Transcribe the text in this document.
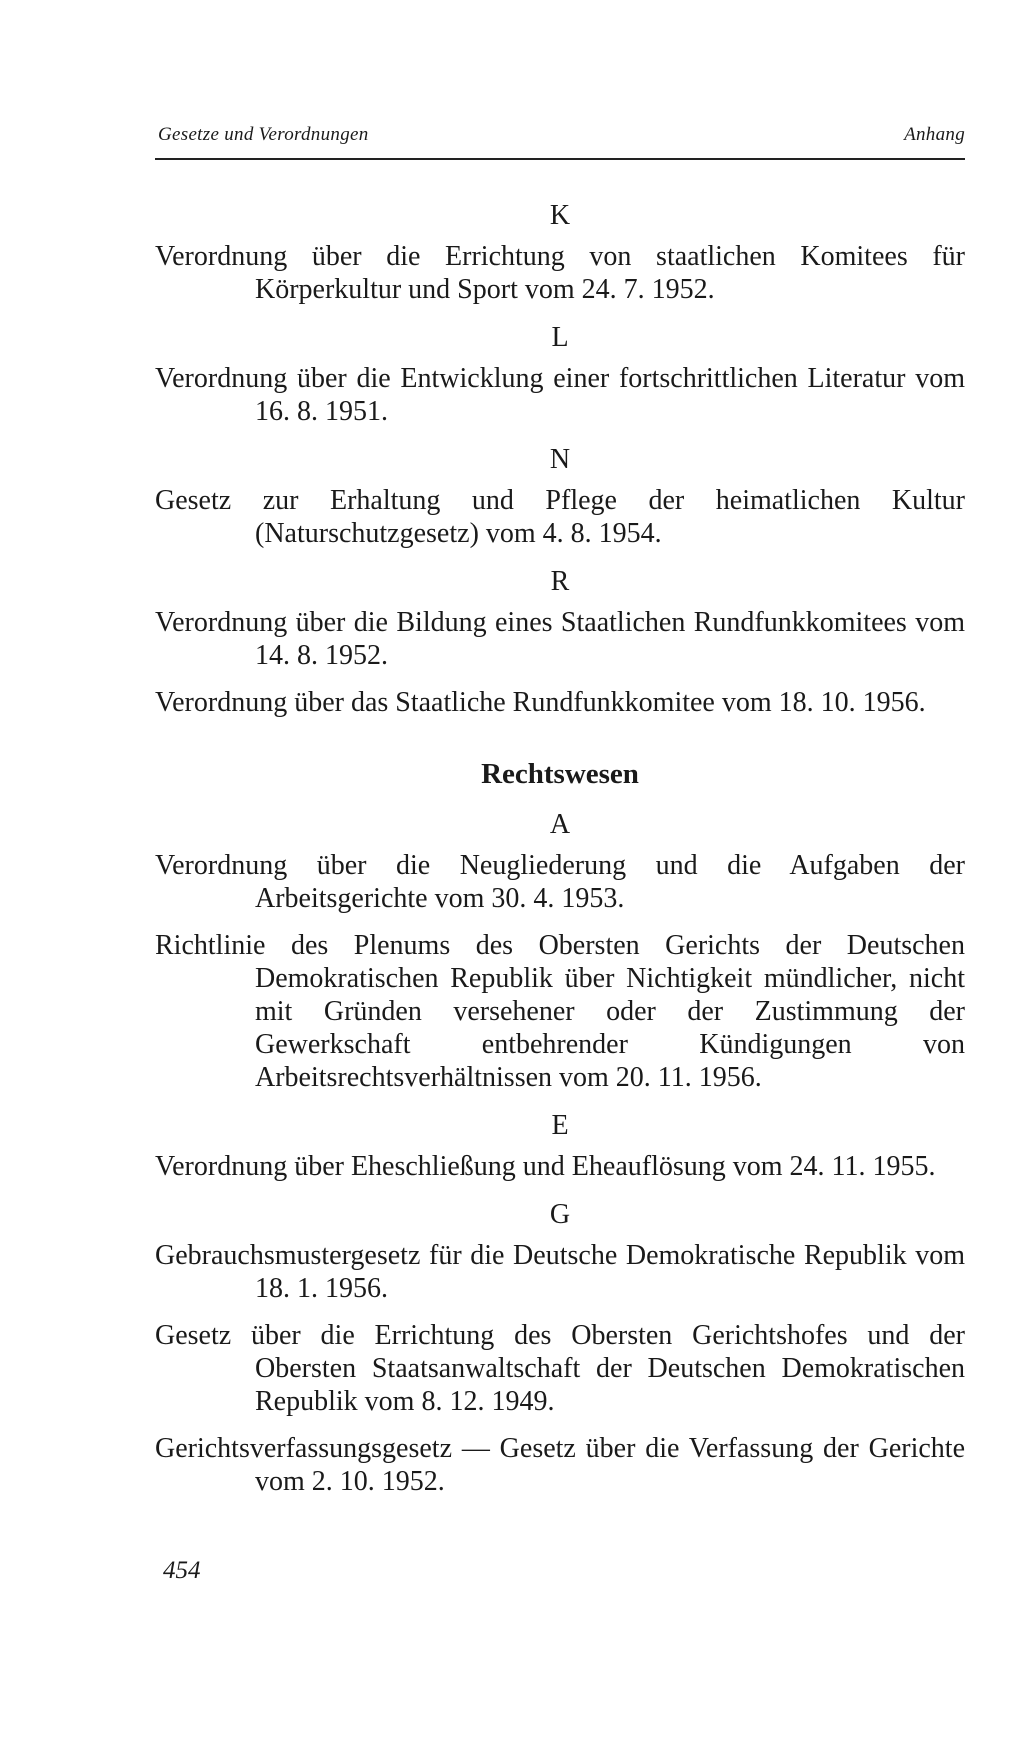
Gesetze und Verordnungen	Anhang
K

Verordnung über die Errichtung von staatlichen Komitees für Körperkultur und Sport vom 24. 7. 1952.

L

Verordnung über die Entwicklung einer fortschrittlichen Literatur vom 16. 8. 1951.

N

Gesetz zur Erhaltung und Pflege der heimatlichen Kultur (Naturschutzgesetz) vom 4. 8. 1954.

R

Verordnung über die Bildung eines Staatlichen Rundfunkkomitees vom 14. 8. 1952.

Verordnung über das Staatliche Rundfunkkomitee vom 18. 10. 1956.

Rechtswesen
A

Verordnung über die Neugliederung und die Aufgaben der Arbeitsgerichte vom 30. 4. 1953.

Richtlinie des Plenums des Obersten Gerichts der Deutschen Demokratischen Republik über Nichtigkeit mündlicher, nicht mit Gründen versehener oder der Zustimmung der Gewerkschaft entbehrender Kündigungen von Arbeitsrechtsverhältnissen vom 20. 11. 1956.

E

Verordnung über Eheschließung und Eheauflösung vom 24. 11. 1955.

G

Gebrauchsmustergesetz für die Deutsche Demokratische Republik vom 18. 1. 1956.

Gesetz über die Errichtung des Obersten Gerichtshofes und der Obersten Staatsanwaltschaft der Deutschen Demokratischen Republik vom 8. 12. 1949.

Gerichtsverfassungsgesetz — Gesetz über die Verfassung der Gerichte vom 2. 10. 1952.

454
